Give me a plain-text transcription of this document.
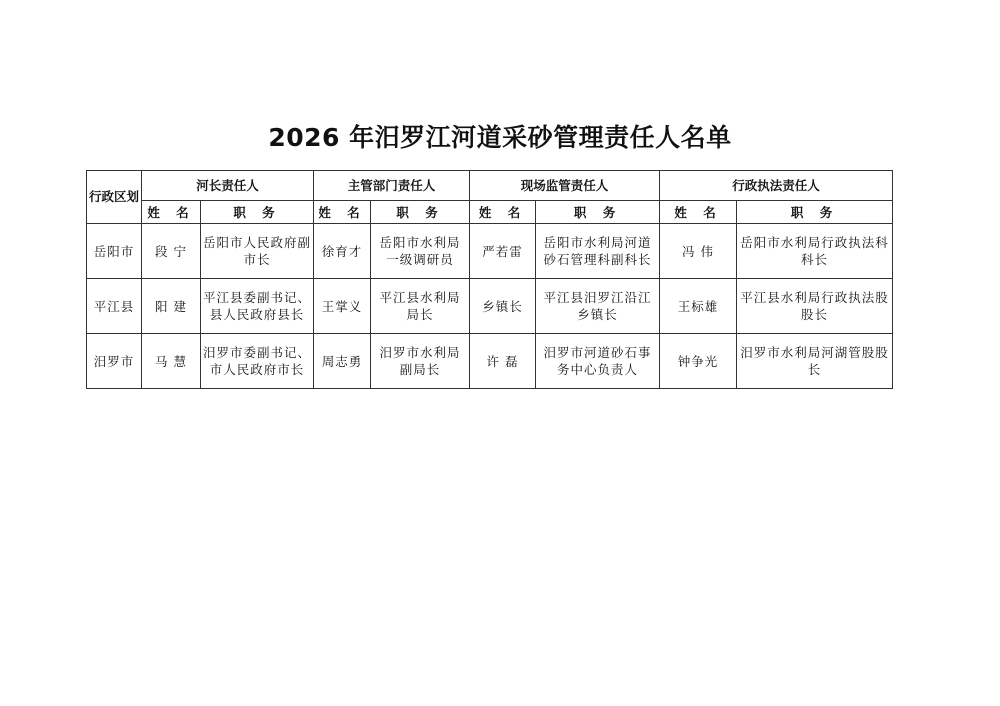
2026 年汨罗江河道采砂管理责任人名单
行政区划	河长责任人		主管部门责任人		现场监管责任人		行政执法责任人	
	姓 名	职 务	姓 名	职 务	姓 名	职 务	姓 名	职 务
岳阳市	段 宁	岳阳市人民政府副市长	徐育才	岳阳市水利局一级调研员	严若雷	岳阳市水利局河道砂石管理科副科长	冯 伟	岳阳市水利局行政执法科科长
平江县	阳 建	平江县委副书记、县人民政府县长	王掌义	平江县水利局局长	乡镇长	平江县汨罗江沿江乡镇长	王标雄	平江县水利局行政执法股股长
汨罗市	马 慧	汨罗市委副书记、市人民政府市长	周志勇	汨罗市水利局副局长	许 磊	汨罗市河道砂石事务中心负责人	钟争光	汨罗市水利局河湖管股股长
